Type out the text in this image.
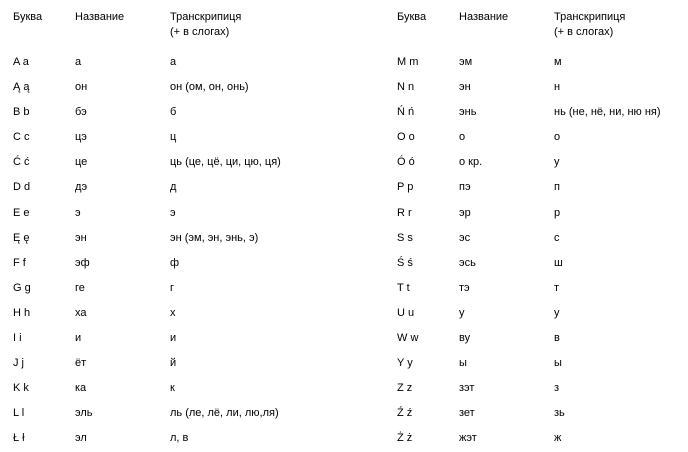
Буква	Название	Транскрипиця
(+ в слогах)
A a	а	а
Ą ą	он	он (ом, он, онь)
B b	бэ	б
C c	цэ	ц
Ć ć	це	ць (це, цё, ци, цю, ця)
D d	дэ	д
E e	э	э
Ę ę	эн	эн (эм, эн, энь, э)
F f	эф	ф
G g	ге	г
H h	ха	х
I i	и	и
J j	ёт	й
K k	ка	к
L l	эль	ль (ле, лё, ли, лю,ля)
Ł ł	эл	л, в
Буква	Название	Транскрипиця
(+ в слогах)
M m	эм	м
N n	эн	н
Ń ń	энь	нь (не, нё, ни, ню ня)
O o	о	о
Ó ó	о кр.	у
P p	пэ	п
R r	эр	р
S s	эс	с
Ś ś	эсь	ш
T t	тэ	т
U u	у	у
W w	ву	в
Y y	ы	ы
Z z	зэт	з
Ź ź	зет	зь
Ż ż	жэт	ж
